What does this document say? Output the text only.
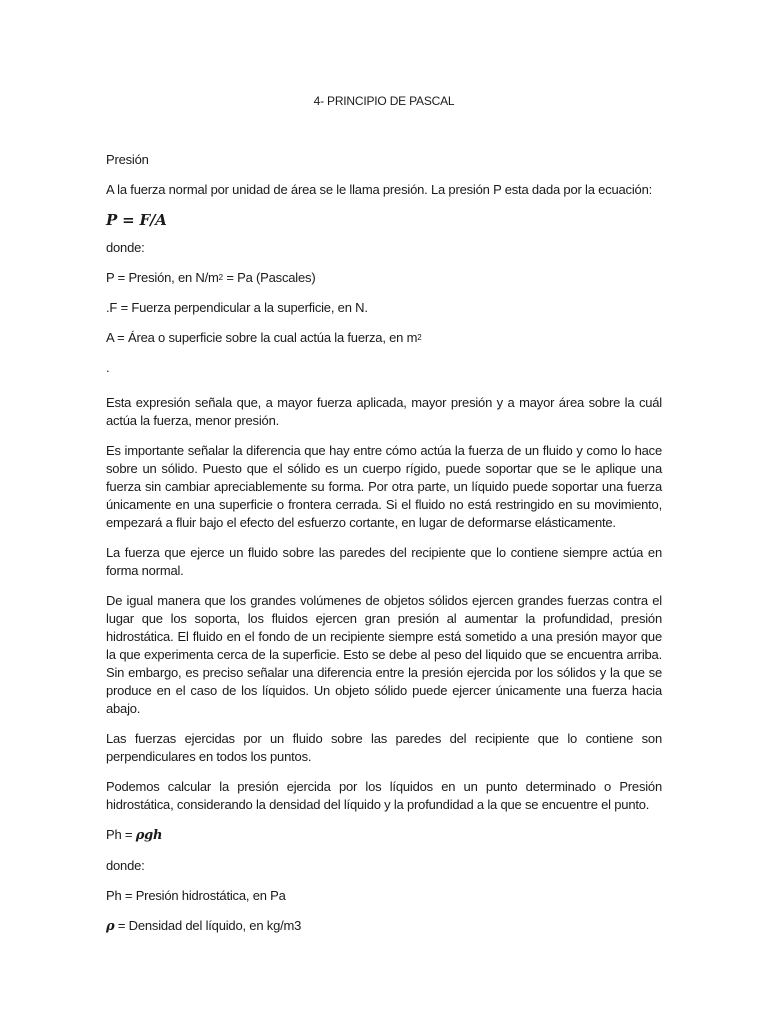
4- PRINCIPIO DE PASCAL

Presión

A la fuerza normal por unidad de área se le llama presión. La presión P esta dada por la ecuación:

P = F/A

donde:

P = Presión, en $N/m^2 = Pa$ (Pascales)

.F = Fuerza perpendicular a la superficie, en N.

A = Área o superficie sobre la cual actúa la fuerza, en $m^2$

.

Esta expresión señala que, a mayor fuerza aplicada, mayor presión y a mayor área sobre la cuál actúa la fuerza, menor presión.

Es importante señalar la diferencia que hay entre cómo actúa la fuerza de un fluido y como lo hace sobre un sólido. Puesto que el sólido es un cuerpo rígido, puede soportar que se le aplique una fuerza sin cambiar apreciablemente su forma. Por otra parte, un líquido puede soportar una fuerza únicamente en una superficie o frontera cerrada. Si el fluido no está restringido en su movimiento, empezará a fluir bajo el efecto del esfuerzo cortante, en lugar de deformarse elásticamente.

La fuerza que ejerce un fluido sobre las paredes del recipiente que lo contiene siempre actúa en forma normal.

De igual manera que los grandes volúmenes de objetos sólidos ejercen grandes fuerzas contra el lugar que los soporta, los fluidos ejercen gran presión al aumentar la profundidad, presión hidrostática. El fluido en el fondo de un recipiente siempre está sometido a una presión mayor que la que experimenta cerca de la superficie. Esto se debe al peso del liquido que se encuentra arriba. Sin embargo, es preciso señalar una diferencia entre la presión ejercida por los sólidos y la que se produce en el caso de los líquidos. Un objeto sólido puede ejercer únicamente una fuerza hacia abajo.

Las fuerzas ejercidas por un fluido sobre las paredes del recipiente que lo contiene son perpendiculares en todos los puntos.

Podemos calcular la presión ejercida por los líquidos en un punto determinado o Presión hidrostática, considerando la densidad del líquido y la profundidad a la que se encuentre el punto.

Ph = ρgh

donde:

Ph = Presión hidrostática, en Pa

ρ = Densidad del líquido, en kg/m3
